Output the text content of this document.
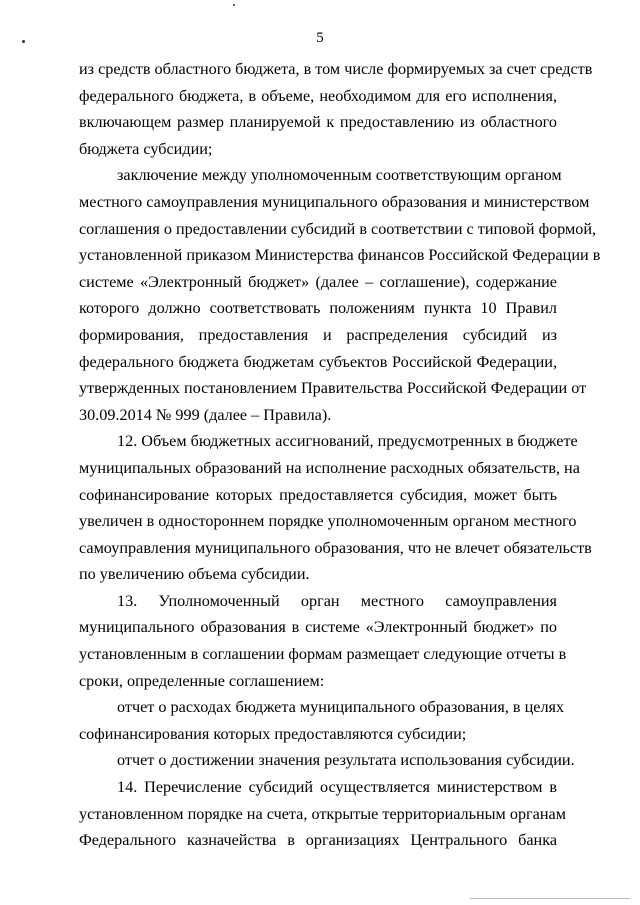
5
из средств областного бюджета, в том числе формируемых за счет средств
федерального бюджета, в объеме, необходимом для его исполнения,
включающем размер планируемой к предоставлению из областного
бюджета субсидии;
заключение между уполномоченным соответствующим органом
местного самоуправления муниципального образования и министерством
соглашения о предоставлении субсидий в соответствии с типовой формой,
установленной приказом Министерства финансов Российской Федерации в
системе «Электронный бюджет» (далее – соглашение), содержание
которого должно соответствовать положениям пункта 10 Правил
формирования, предоставления и распределения субсидий из
федерального бюджета бюджетам субъектов Российской Федерации,
утвержденных постановлением Правительства Российской Федерации от
30.09.2014 № 999 (далее – Правила).
12. Объем бюджетных ассигнований, предусмотренных в бюджете
муниципальных образований на исполнение расходных обязательств, на
софинансирование которых предоставляется субсидия, может быть
увеличен в одностороннем порядке уполномоченным органом местного
самоуправления муниципального образования, что не влечет обязательств
по увеличению объема субсидии.
13. Уполномоченный орган местного самоуправления
муниципального образования в системе «Электронный бюджет» по
установленным в соглашении формам размещает следующие отчеты в
сроки, определенные соглашением:
отчет о расходах бюджета муниципального образования, в целях
софинансирования которых предоставляются субсидии;
отчет о достижении значения результата использования субсидии.
14. Перечисление субсидий осуществляется министерством в
установленном порядке на счета, открытые территориальным органам
Федерального казначейства в организациях Центрального банка
